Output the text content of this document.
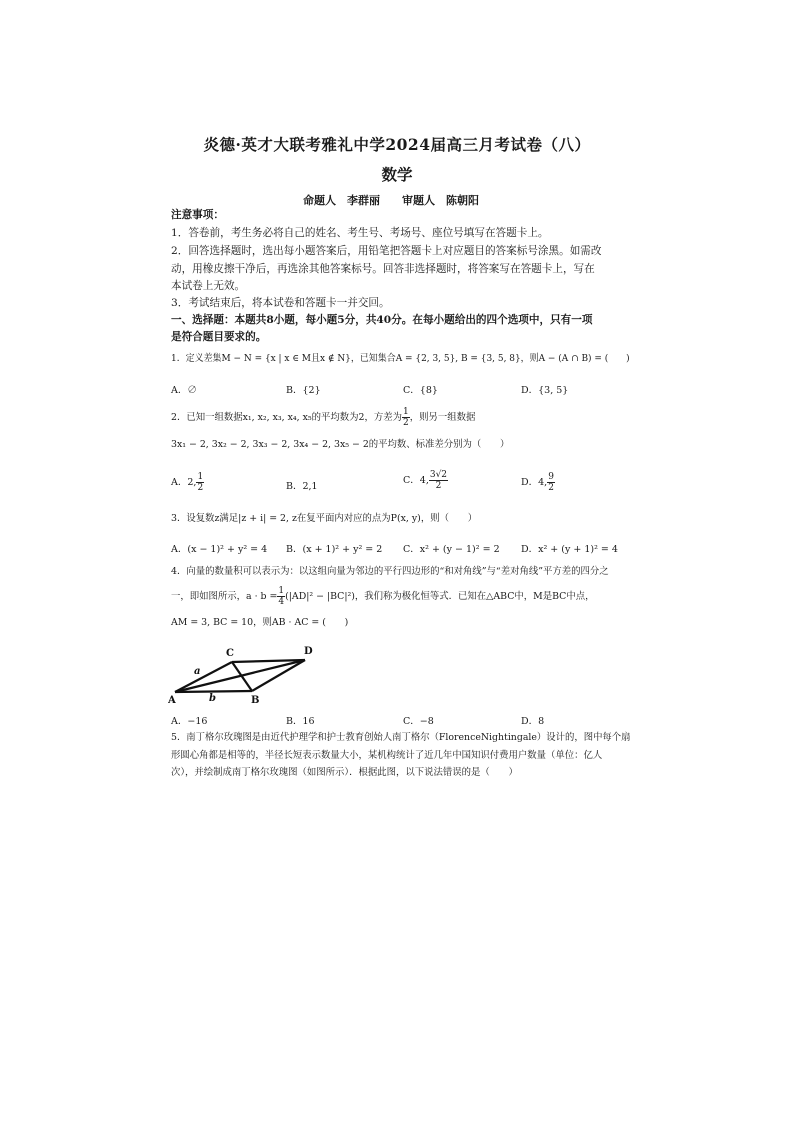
炎德·英才大联考雅礼中学2024届高三月考试卷（八）
数学
命题人　李群丽　　审题人　陈朝阳
注意事项：
1．答卷前，考生务必将自己的姓名、考生号、考场号、座位号填写在答题卡上。
2．回答选择题时，选出每小题答案后，用铅笔把答题卡上对应题目的答案标号涂黑。如需改
动，用橡皮擦干净后，再选涂其他答案标号。回答非选择题时，将答案写在答题卡上，写在
本试卷上无效。
3．考试结束后，将本试卷和答题卡一并交回。
一、选择题：本题共8小题，每小题5分，共40分。在每小题给出的四个选项中，只有一项
是符合题目要求的。
1．定义差集M − N = {x | x ∈ M且x ∉ N}，已知集合A = {2, 3, 5}, B = {3, 5, 8}，则A − (A ∩ B) = (　　)
A．∅	B．{2}	C．{8}	D．{3, 5}
2．已知一组数据x₁, x₂, x₃, x₄, x₅的平均数为2，方差为 $\frac{1}{2}$ ，则另一组数据
3x₁ − 2, 3x₂ − 2, 3x₃ − 2, 3x₄ − 2, 3x₅ − 2的平均数、标准差分别为（　　）
A．2, $\frac{1}{2}$	B．2,1
C．4, $\frac{3√2}{2}$	D．4, $\frac{9}{2}$
3．设复数z满足|z + i| = 2, z在复平面内对应的点为P(x, y)，则（　　）
A．(x − 1)² + y² = 4 B．(x + 1)² + y² = 2 C．x² + (y − 1)² = 2 D．x² + (y + 1)² = 4
4．向量的数量积可以表示为：以这组向量为邻边的平行四边形的“和对角线”与“差对角线”平方差的四分之
一，即如图所示，$a \cdot b = \frac{1}{4} (|AD|^2 - |BC|^2)$，我们称为极化恒等式．已知在△ABC中，M是BC中点，
AM = 3, BC = 10，则AB · AC = (　　)
C	D
a
A	b	B
A．−16	B．16	C．−8	D．8
5．南丁格尔玫瑰图是由近代护理学和护士教育创始人南丁格尔（FlorenceNightingale）设计的，图中每个扇
形圆心角都是相等的，半径长短表示数量大小，某机构统计了近几年中国知识付费用户数量（单位：亿人
次），并绘制成南丁格尔玫瑰图（如图所示）．根据此图，以下说法错误的是（　　）
